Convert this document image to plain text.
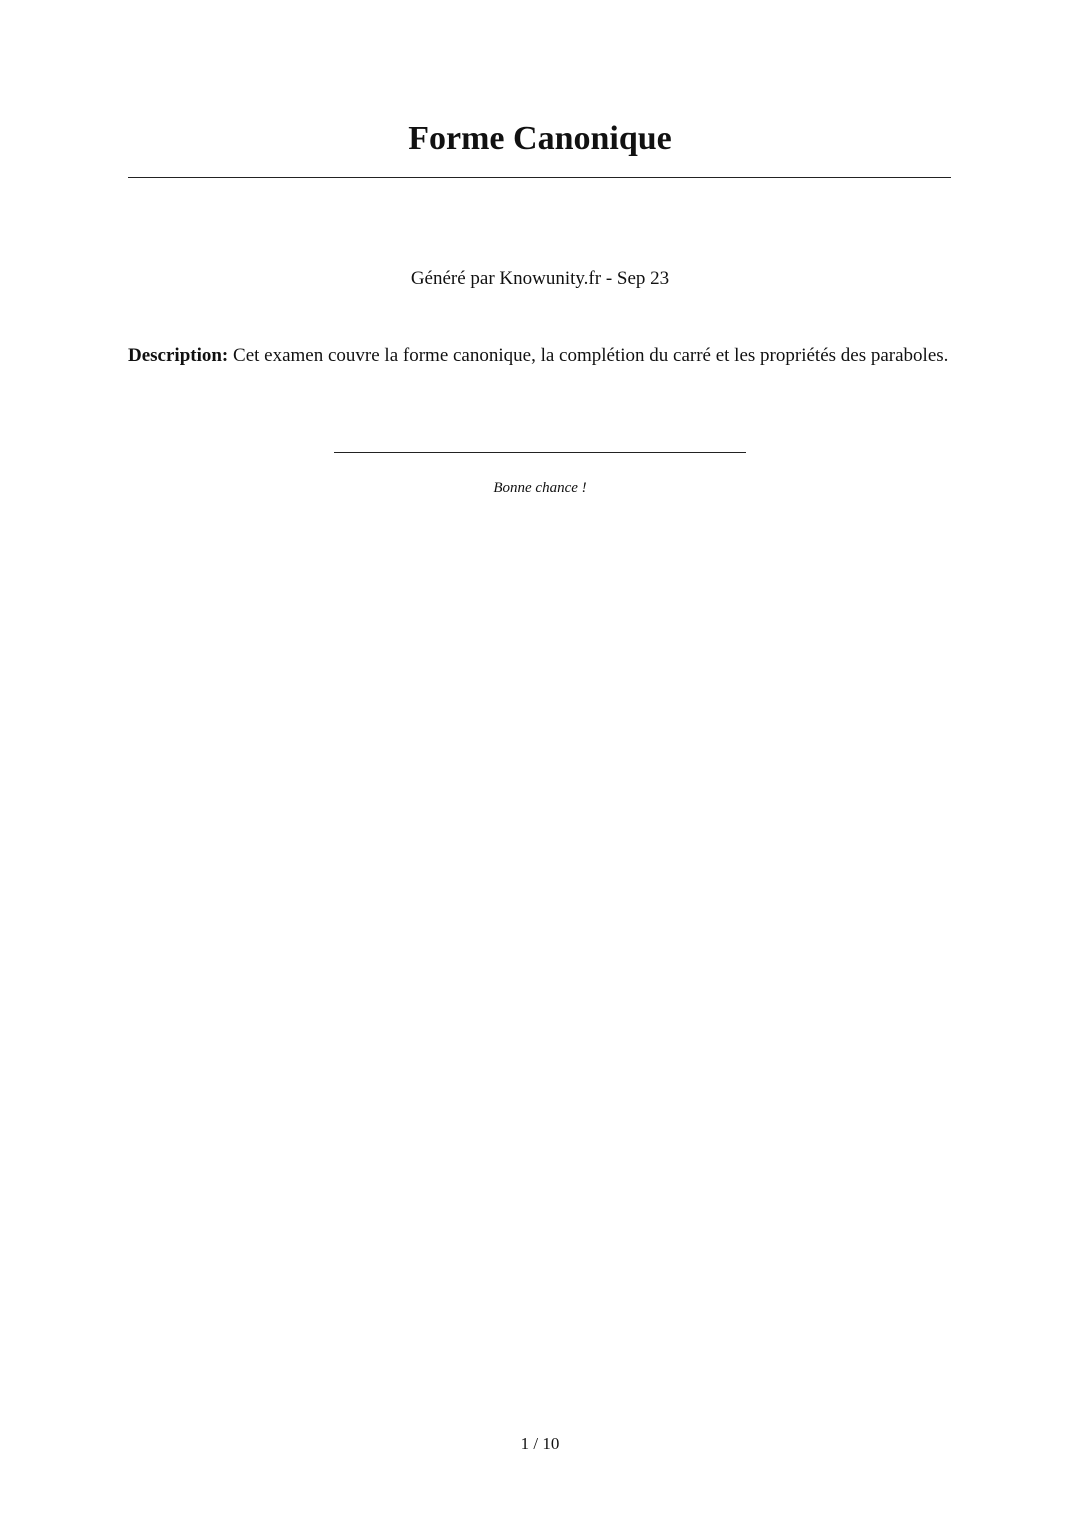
Forme Canonique
Généré par Knowunity.fr - Sep 23

Description: Cet examen couvre la forme canonique, la complétion du carré et les propriétés des paraboles.

Bonne chance !
1 / 10
